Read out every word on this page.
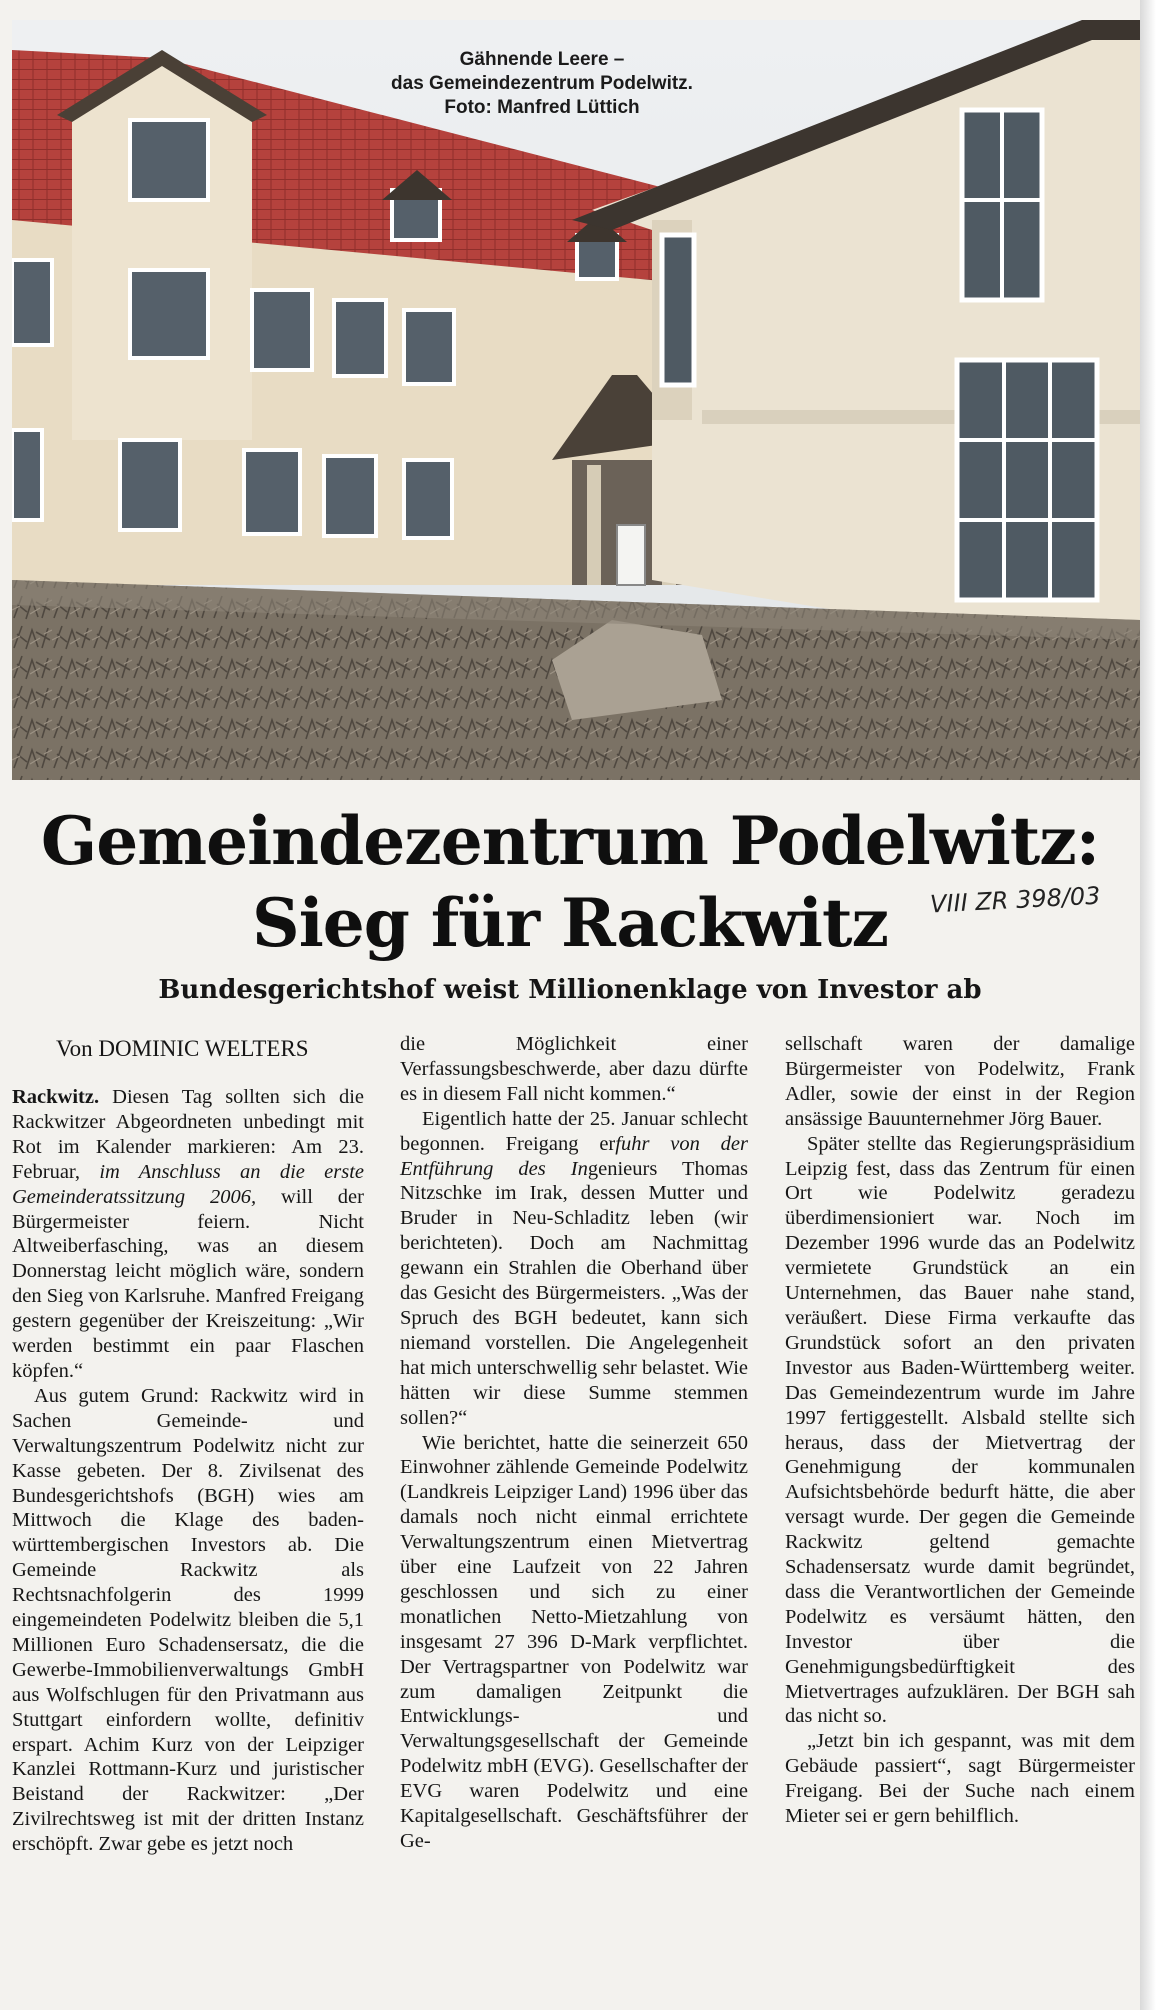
Gähnende Leere –
das Gemeindezentrum Podelwitz.
Foto: Manfred Lüttich
Gemeindezentrum Podelwitz:
Sieg für Rackwitz	VIII ZR 398/03
Bundesgerichtshof weist Millionenklage von Investor ab
Von DOMINIC WELTERS

Rackwitz. Diesen Tag sollten sich die Rackwitzer Abgeordneten unbedingt mit Rot im Kalender markieren: Am 23. Februar, im Anschluss an die erste Gemeinderatssitzung 2006, will der Bürgermeister feiern. Nicht Altweiberfasching, was an diesem Donnerstag leicht möglich wäre, sondern den Sieg von Karlsruhe. Manfred Freigang gestern gegenüber der Kreiszeitung: „Wir werden bestimmt ein paar Flaschen köpfen.“

Aus gutem Grund: Rackwitz wird in Sachen Gemeinde- und Verwaltungszentrum Podelwitz nicht zur Kasse gebeten. Der 8. Zivilsenat des Bundesgerichtshofs (BGH) wies am Mittwoch die Klage des baden-württembergischen Investors ab. Die Gemeinde Rackwitz als Rechtsnachfolgerin des 1999 eingemeindeten Podelwitz bleiben die 5,1 Millionen Euro Schadensersatz, die die Gewerbe-Immobilienverwaltungs GmbH aus Wolfschlugen für den Privatmann aus Stuttgart einfordern wollte, definitiv erspart. Achim Kurz von der Leipziger Kanzlei Rottmann-Kurz und juristischer Beistand der Rackwitzer: „Der Zivilrechtsweg ist mit der dritten Instanz erschöpft. Zwar gebe es jetzt noch

die Möglichkeit einer Verfassungsbeschwerde, aber dazu dürfte es in diesem Fall nicht kommen.“

Eigentlich hatte der 25. Januar schlecht begonnen. Freigang erfuhr von der Entführung des Ingenieurs Thomas Nitzschke im Irak, dessen Mutter und Bruder in Neu-Schladitz leben (wir berichteten). Doch am Nachmittag gewann ein Strahlen die Oberhand über das Gesicht des Bürgermeisters. „Was der Spruch des BGH bedeutet, kann sich niemand vorstellen. Die Angelegenheit hat mich unterschwellig sehr belastet. Wie hätten wir diese Summe stemmen sollen?“

Wie berichtet, hatte die seinerzeit 650 Einwohner zählende Gemeinde Podelwitz (Landkreis Leipziger Land) 1996 über das damals noch nicht einmal errichtete Verwaltungszentrum einen Mietvertrag über eine Laufzeit von 22 Jahren geschlossen und sich zu einer monatlichen Netto-Mietzahlung von insgesamt 27 396 D-Mark verpflichtet. Der Vertragspartner von Podelwitz war zum damaligen Zeitpunkt die Entwicklungs- und Verwaltungsgesellschaft der Gemeinde Podelwitz mbH (EVG). Gesellschafter der EVG waren Podelwitz und eine Kapitalgesellschaft. Geschäftsführer der Ge-

sellschaft waren der damalige Bürgermeister von Podelwitz, Frank Adler, sowie der einst in der Region ansässige Bauunternehmer Jörg Bauer.

Später stellte das Regierungspräsidium Leipzig fest, dass das Zentrum für einen Ort wie Podelwitz geradezu überdimensioniert war. Noch im Dezember 1996 wurde das an Podelwitz vermietete Grundstück an ein Unternehmen, das Bauer nahe stand, veräußert. Diese Firma verkaufte das Grundstück sofort an den privaten Investor aus Baden-Württemberg weiter. Das Gemeindezentrum wurde im Jahre 1997 fertiggestellt. Alsbald stellte sich heraus, dass der Mietvertrag der Genehmigung der kommunalen Aufsichtsbehörde bedurft hätte, die aber versagt wurde. Der gegen die Gemeinde Rackwitz geltend gemachte Schadensersatz wurde damit begründet, dass die Verantwortlichen der Gemeinde Podelwitz es versäumt hätten, den Investor über die Genehmigungsbedürftigkeit des Mietvertrages aufzuklären. Der BGH sah das nicht so.

„Jetzt bin ich gespannt, was mit dem Gebäude passiert“, sagt Bürgermeister Freigang. Bei der Suche nach einem Mieter sei er gern behilflich.
